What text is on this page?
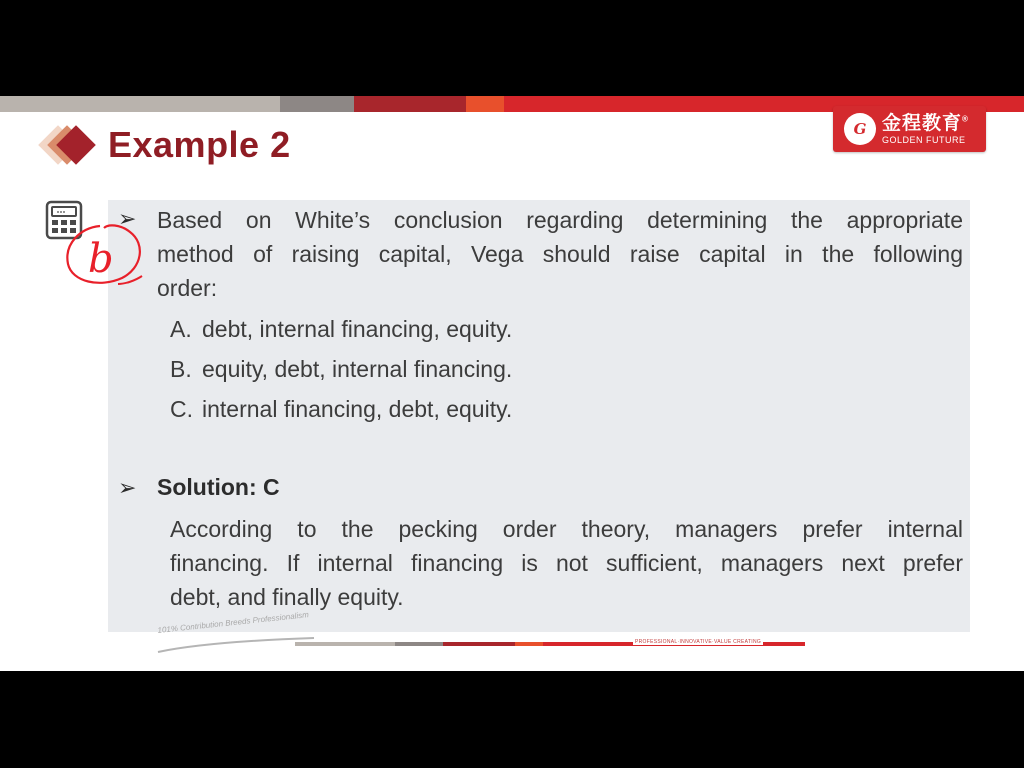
Example 2	G 金程教育®
GOLDEN FUTURE
b
➢ Based on White’s conclusion regarding determining the appropriate
method of raising capital, Vega should raise capital in the following
order:
A. debt, internal financing, equity.
B. equity, debt, internal financing.
C. internal financing, debt, equity.
➢ Solution: C
According to the pecking order theory, managers prefer internal
financing. If internal financing is not sufficient, managers next prefer
debt, and finally equity.
101% Contribution Breeds Professionalism
PROFESSIONAL·INNOVATIVE·VALUE CREATING
